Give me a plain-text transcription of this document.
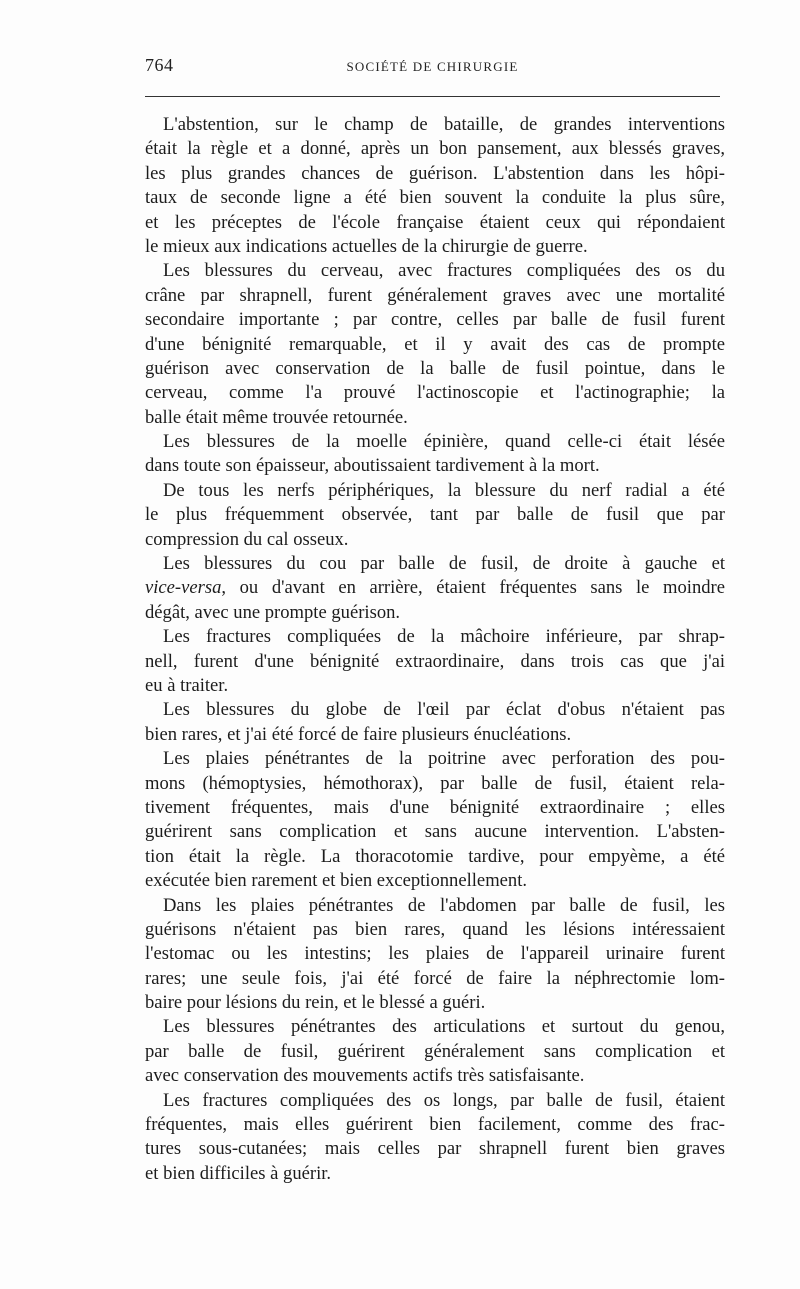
764	SOCIÉTÉ DE CHIRURGIE
L'abstention, sur le champ de bataille, de grandes interventions
était la règle et a donné, après un bon pansement, aux blessés graves,
les plus grandes chances de guérison. L'abstention dans les hôpi-
taux de seconde ligne a été bien souvent la conduite la plus sûre,
et les préceptes de l'école française étaient ceux qui répondaient
le mieux aux indications actuelles de la chirurgie de guerre.
Les blessures du cerveau, avec fractures compliquées des os du
crâne par shrapnell, furent généralement graves avec une mortalité
secondaire importante ; par contre, celles par balle de fusil furent
d'une bénignité remarquable, et il y avait des cas de prompte
guérison avec conservation de la balle de fusil pointue, dans le
cerveau, comme l'a prouvé l'actinoscopie et l'actinographie; la
balle était même trouvée retournée.
Les blessures de la moelle épinière, quand celle-ci était lésée
dans toute son épaisseur, aboutissaient tardivement à la mort.
De tous les nerfs périphériques, la blessure du nerf radial a été
le plus fréquemment observée, tant par balle de fusil que par
compression du cal osseux.
Les blessures du cou par balle de fusil, de droite à gauche et
vice-versa, ou d'avant en arrière, étaient fréquentes sans le moindre
dégât, avec une prompte guérison.
Les fractures compliquées de la mâchoire inférieure, par shrap-
nell, furent d'une bénignité extraordinaire, dans trois cas que j'ai
eu à traiter.
Les blessures du globe de l'œil par éclat d'obus n'étaient pas
bien rares, et j'ai été forcé de faire plusieurs énucléations.
Les plaies pénétrantes de la poitrine avec perforation des pou-
mons (hémoptysies, hémothorax), par balle de fusil, étaient rela-
tivement fréquentes, mais d'une bénignité extraordinaire ; elles
guérirent sans complication et sans aucune intervention. L'absten-
tion était la règle. La thoracotomie tardive, pour empyème, a été
exécutée bien rarement et bien exceptionnellement.
Dans les plaies pénétrantes de l'abdomen par balle de fusil, les
guérisons n'étaient pas bien rares, quand les lésions intéressaient
l'estomac ou les intestins; les plaies de l'appareil urinaire furent
rares; une seule fois, j'ai été forcé de faire la néphrectomie lom-
baire pour lésions du rein, et le blessé a guéri.
Les blessures pénétrantes des articulations et surtout du genou,
par balle de fusil, guérirent généralement sans complication et
avec conservation des mouvements actifs très satisfaisante.
Les fractures compliquées des os longs, par balle de fusil, étaient
fréquentes, mais elles guérirent bien facilement, comme des frac-
tures sous-cutanées; mais celles par shrapnell furent bien graves
et bien difficiles à guérir.
